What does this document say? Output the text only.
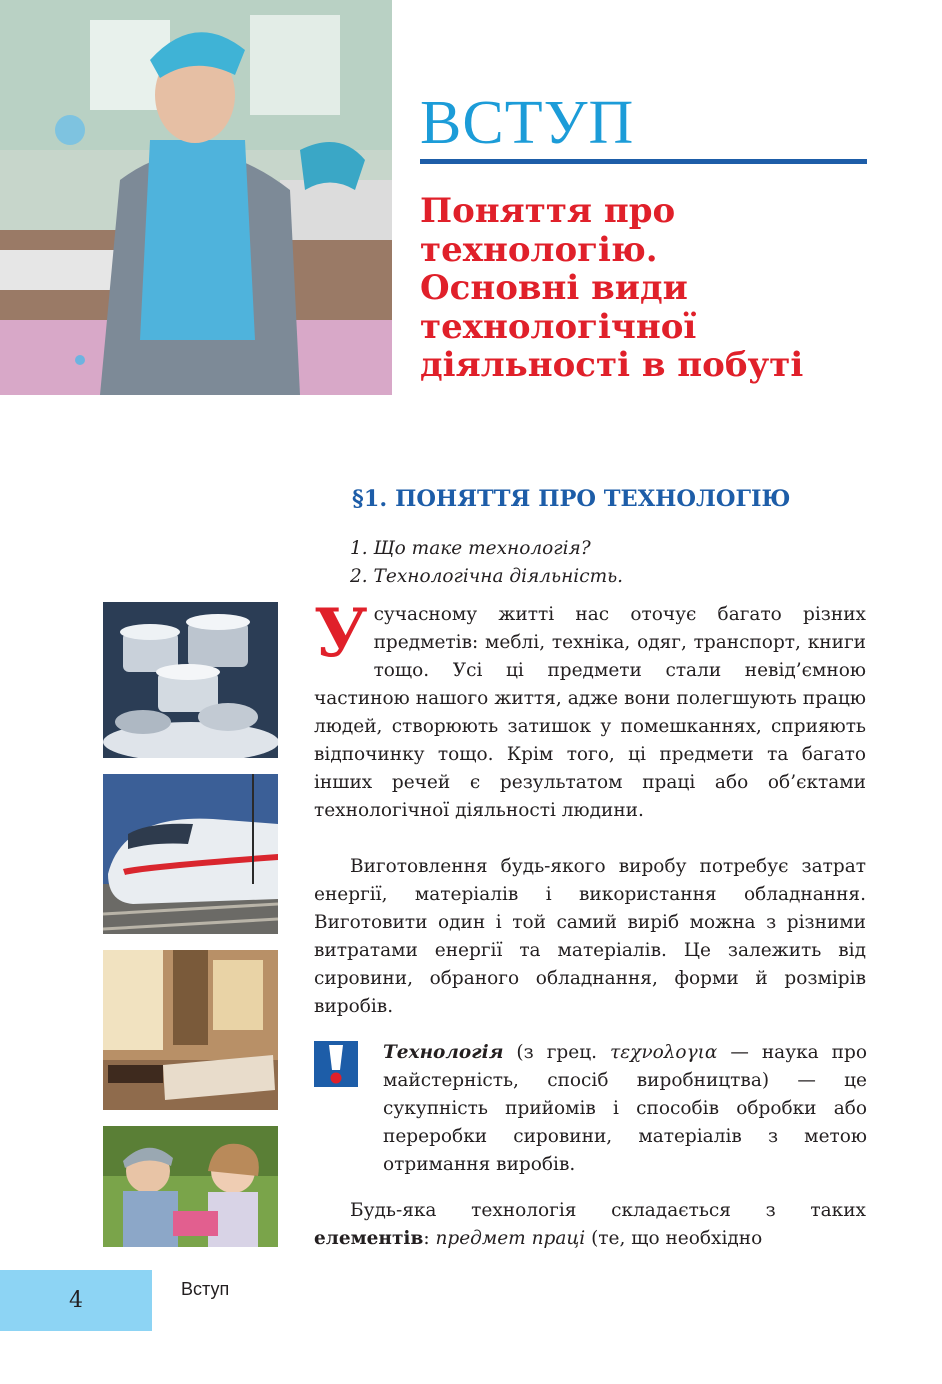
ВСТУП
Поняття про
технологію.
Основні види
технологічної
діяльності в побуті
§1. ПОНЯТТЯ ПРО ТЕХНОЛОГІЮ
1. Що таке технологія?
2. Технологічна діяльність.
У сучасному житті нас оточує багато різних предметів: меблі, техніка, одяг, транспорт, книги тощо. Усі ці предмети стали невід’ємною частиною нашого життя, адже вони полегшують працю людей, створюють затишок у помешканнях, сприяють відпочинку тощо. Крім того, ці предмети та багато інших речей є результатом праці або об’єктами технологічної діяльності людини.
Виготовлення будь-якого виробу потребує затрат енергії, матеріалів і використання обладнання. Виготовити один і той самий виріб можна з різними витратами енергії та матеріалів. Це залежить від сировини, обраного обладнання, форми й розмірів виробів.
Технологія (з грец. τεχνολογια — наука про майстерність, спосіб виробництва) — це сукупність прийомів і способів обробки або переробки сировини, матеріалів з метою отримання виробів.
Будь-яка технологія складається з таких елементів: предмет праці (те, що необхідно
4	Вступ
